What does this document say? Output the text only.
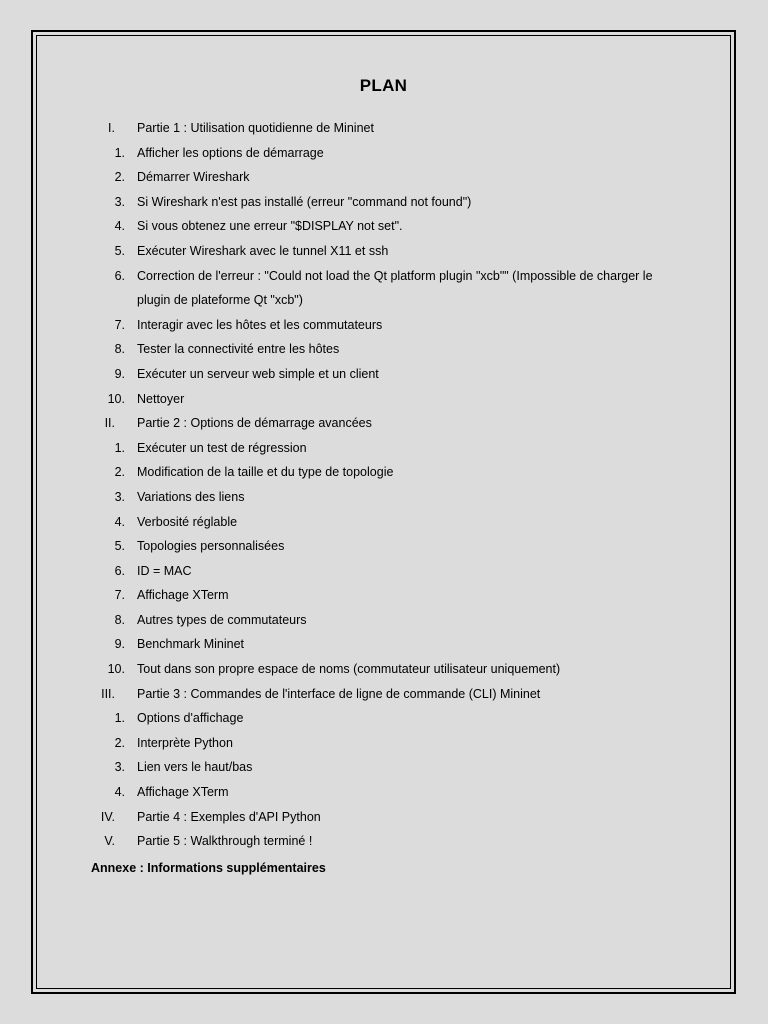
PLAN
I. Partie 1 : Utilisation quotidienne de Mininet
1. Afficher les options de démarrage
2. Démarrer Wireshark
3. Si Wireshark n'est pas installé (erreur "command not found")
4. Si vous obtenez une erreur "$DISPLAY not set".
5. Exécuter Wireshark avec le tunnel X11 et ssh
6. Correction de l'erreur : "Could not load the Qt platform plugin "xcb"" (Impossible de charger le plugin de plateforme Qt "xcb")
7. Interagir avec les hôtes et les commutateurs
8. Tester la connectivité entre les hôtes
9. Exécuter un serveur web simple et un client
10. Nettoyer
II. Partie 2 : Options de démarrage avancées
1. Exécuter un test de régression
2. Modification de la taille et du type de topologie
3. Variations des liens
4. Verbosité réglable
5. Topologies personnalisées
6. ID = MAC
7. Affichage XTerm
8. Autres types de commutateurs
9. Benchmark Mininet
10. Tout dans son propre espace de noms (commutateur utilisateur uniquement)
III. Partie 3 : Commandes de l'interface de ligne de commande (CLI) Mininet
1. Options d'affichage
2. Interprète Python
3. Lien vers le haut/bas
4. Affichage XTerm
IV. Partie 4 : Exemples d'API Python
V. Partie 5 : Walkthrough terminé !
Annexe : Informations supplémentaires
